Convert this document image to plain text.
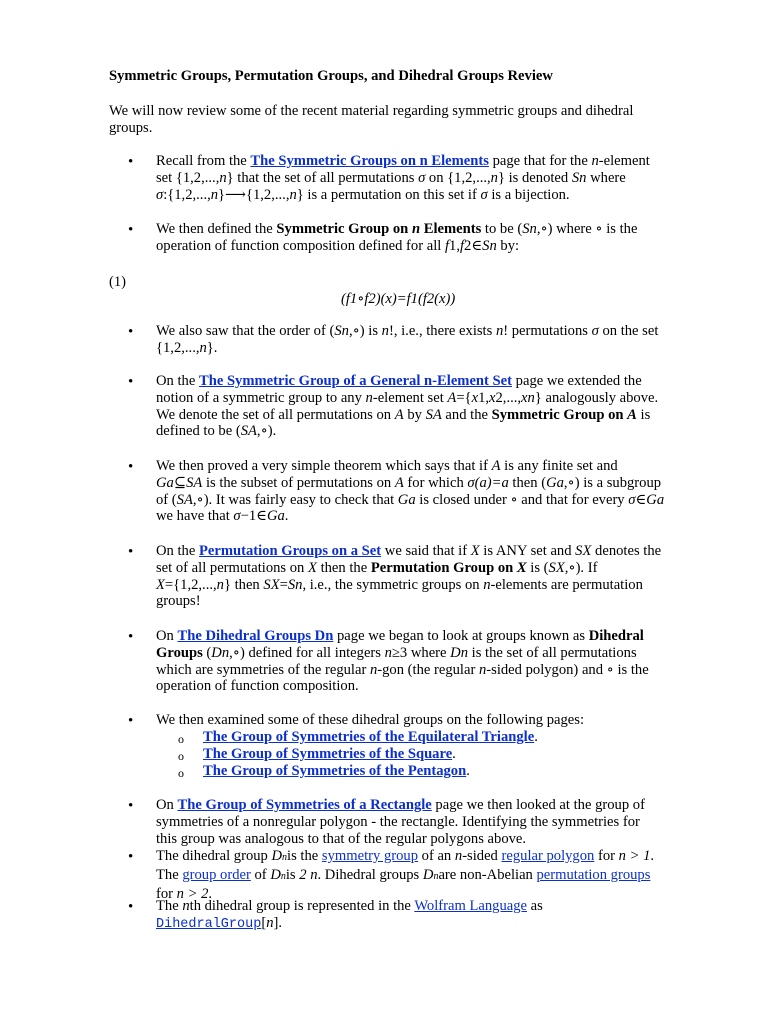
Symmetric Groups, Permutation Groups, and Dihedral Groups Review
We will now review some of the recent material regarding symmetric groups and dihedral
groups.
• Recall from the The Symmetric Groups on n Elements page that for the n-element
set {1,2,...,n} that the set of all permutations σ on {1,2,...,n} is denoted Sn where
σ:{1,2,...,n}⟶{1,2,...,n} is a permutation on this set if σ is a bijection.
• We then defined the Symmetric Group on n Elements to be (Sn,∘) where ∘ is the
operation of function composition defined for all f1,f2∈Sn by:
(1)
(f1∘f2)(x)=f1(f2(x))
• We also saw that the order of (Sn,∘) is n!, i.e., there exists n! permutations σ on the set
{1,2,...,n}.
• On the The Symmetric Group of a General n-Element Set page we extended the
notion of a symmetric group to any n-element set A={x1,x2,...,xn} analogously above.
We denote the set of all permutations on A by SA and the Symmetric Group on A is
defined to be (SA,∘).
• We then proved a very simple theorem which says that if A is any finite set and
Ga⊆SA is the subset of permutations on A for which σ(a)=a then (Ga,∘) is a subgroup
of (SA,∘). It was fairly easy to check that Ga is closed under ∘ and that for every σ∈Ga
we have that σ−1∈Ga.
• On the Permutation Groups on a Set we said that if X is ANY set and SX denotes the
set of all permutations on X then the Permutation Group on X is (SX,∘). If
X={1,2,...,n} then SX=Sn, i.e., the symmetric groups on n-elements are permutation
groups!
• On The Dihedral Groups Dn page we began to look at groups known as Dihedral
Groups (Dn,∘) defined for all integers n≥3 where Dn is the set of all permutations
which are symmetries of the regular n-gon (the regular n-sided polygon) and ∘ is the
operation of function composition.
• We then examined some of these dihedral groups on the following pages:
o The Group of Symmetries of the Equilateral Triangle.
o The Group of Symmetries of the Square.
o The Group of Symmetries of the Pentagon.
• On The Group of Symmetries of a Rectangle page we then looked at the group of
symmetries of a nonregular polygon - the rectangle. Identifying the symmetries for
this group was analogous to that of the regular polygons above.
• The dihedral group Dnis the symmetry group of an n-sided regular polygon for n > 1.
The group order of Dnis 2 n. Dihedral groups Dnare non-Abelian permutation groups
for n > 2.
• The nth dihedral group is represented in the Wolfram Language as
DihedralGroup[n].
